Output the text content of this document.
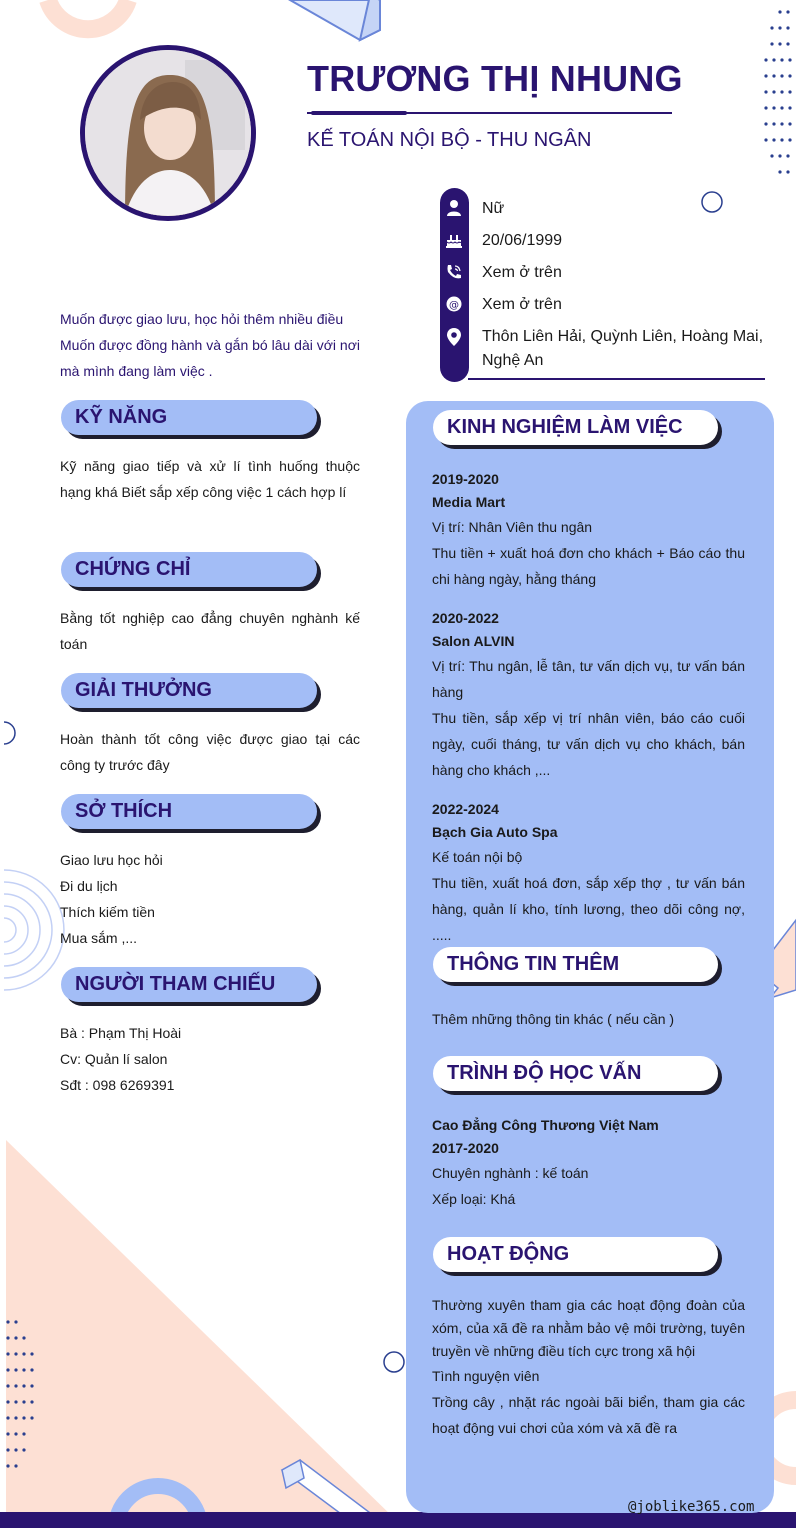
TRƯƠNG THỊ NHUNG
KẾ TOÁN NỘI BỘ - THU NGÂN
Nữ
20/06/1999
Xem ở trên
@ Xem ở trên
Thôn Liên Hải, Quỳnh Liên, Hoàng Mai, Nghệ An
Muốn được giao lưu, học hỏi thêm nhiều điều Muốn được đồng hành và gắn bó lâu dài với nơi mà mình đang làm việc .
KỸ NĂNG
Kỹ năng giao tiếp và xử lí tình huống thuộc hạng khá Biết sắp xếp công việc 1 cách hợp lí
CHỨNG CHỈ
Bằng tốt nghiệp cao đẳng chuyên nghành kế toán
GIẢI THƯỞNG
Hoàn thành tốt công việc được giao tại các công ty trước đây
SỞ THÍCH
Giao lưu học hỏi
Đi du lịch
Thích kiếm tiền
Mua sắm ,...
NGƯỜI THAM CHIẾU
Bà : Phạm Thị Hoài
Cv: Quản lí salon
Sđt : 098 6269391
KINH NGHIỆM LÀM VIỆC
2019-2020
Media Mart
Vị trí: Nhân Viên thu ngân
Thu tiền + xuất hoá đơn cho khách + Báo cáo thu chi hàng ngày, hằng tháng
2020-2022
Salon ALVIN
Vị trí: Thu ngân, lễ tân, tư vấn dịch vụ, tư vấn bán hàng
Thu tiền, sắp xếp vị trí nhân viên, báo cáo cuối ngày, cuối tháng, tư vấn dịch vụ cho khách, bán hàng cho khách ,...
2022-2024
Bạch Gia Auto Spa
Kế toán nội bộ
Thu tiền, xuất hoá đơn, sắp xếp thợ , tư vấn bán hàng, quản lí kho, tính lương, theo dõi công nợ, .....
THÔNG TIN THÊM
Thêm những thông tin khác ( nếu cần )
TRÌNH ĐỘ HỌC VẤN
Cao Đẳng Công Thương Việt Nam
2017-2020
Chuyên nghành : kế toán
Xếp loại: Khá
HOẠT ĐỘNG
Thường xuyên tham gia các hoạt động đoàn của xóm, của xã đề ra nhằm bảo vệ môi trường, tuyên truyền về những điều tích cực trong xã hội
Tình nguyện viên
Trồng cây , nhặt rác ngoài bãi biển, tham gia các hoạt động vui chơi của xóm và xã đề ra
@joblike365.com
